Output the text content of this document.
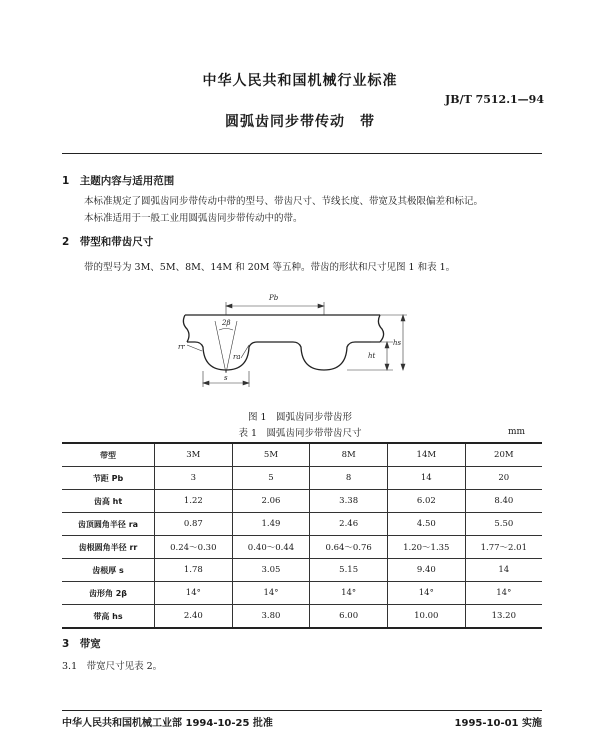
中华人民共和国机械行业标准
JB/T 7512.1—94
圆弧齿同步带传动　带
1　主题内容与适用范围
本标准规定了圆弧齿同步带传动中带的型号、带齿尺寸、节线长度、带宽及其极限偏差和标记。
本标准适用于一般工业用圆弧齿同步带传动中的带。
2　带型和带齿尺寸
带的型号为 3M、5M、8M、14M 和 20M 等五种。带齿的形状和尺寸见图 1 和表 1。
Pb
2β
rr
ra
s
ht
hs
图 1　圆弧齿同步带齿形
表 1　圆弧齿同步带带齿尺寸	mm
带型	3M	5M	8M	14M	20M
节距 Pb	3	5	8	14	20
齿高 ht	1.22	2.06	3.38	6.02	8.40
齿顶圆角半径 ra	0.87	1.49	2.46	4.50	5.50
齿根圆角半径 rr	0.24～0.30	0.40～0.44	0.64～0.76	1.20～1.35	1.77～2.01
齿根厚 s	1.78	3.05	5.15	9.40	14
齿形角 2β	14°	14°	14°	14°	14°
带高 hs	2.40	3.80	6.00	10.00	13.20
3　带宽
3.1　带宽尺寸见表 2。
中华人民共和国机械工业部 1994-10-25 批准	1995-10-01 实施
